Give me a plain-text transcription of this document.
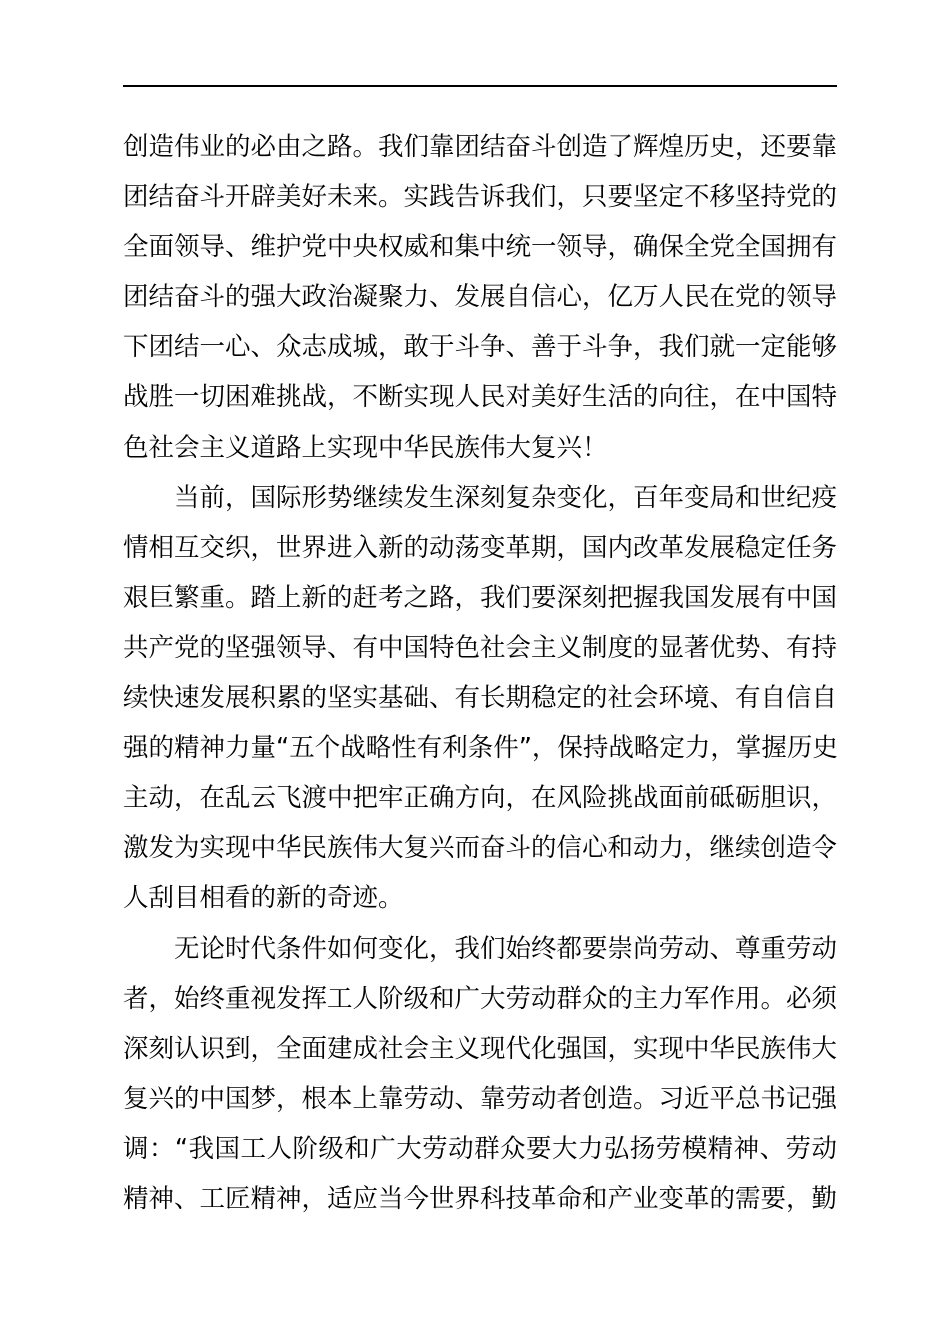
创造伟业的必由之路。我们靠团结奋斗创造了辉煌历史，还要靠
团结奋斗开辟美好未来。实践告诉我们，只要坚定不移坚持党的
全面领导、维护党中央权威和集中统一领导，确保全党全国拥有
团结奋斗的强大政治凝聚力、发展自信心，亿万人民在党的领导
下团结一心、众志成城，敢于斗争、善于斗争，我们就一定能够
战胜一切困难挑战，不断实现人民对美好生活的向往，在中国特
色社会主义道路上实现中华民族伟大复兴！
当前，国际形势继续发生深刻复杂变化，百年变局和世纪疫
情相互交织，世界进入新的动荡变革期，国内改革发展稳定任务
艰巨繁重。踏上新的赶考之路，我们要深刻把握我国发展有中国
共产党的坚强领导、有中国特色社会主义制度的显著优势、有持
续快速发展积累的坚实基础、有长期稳定的社会环境、有自信自
强的精神力量“五个战略性有利条件”，保持战略定力，掌握历史
主动，在乱云飞渡中把牢正确方向，在风险挑战面前砥砺胆识，
激发为实现中华民族伟大复兴而奋斗的信心和动力，继续创造令
人刮目相看的新的奇迹。
无论时代条件如何变化，我们始终都要崇尚劳动、尊重劳动
者，始终重视发挥工人阶级和广大劳动群众的主力军作用。必须
深刻认识到，全面建成社会主义现代化强国，实现中华民族伟大
复兴的中国梦，根本上靠劳动、靠劳动者创造。习近平总书记强
调：“我国工人阶级和广大劳动群众要大力弘扬劳模精神、劳动
精神、工匠精神，适应当今世界科技革命和产业变革的需要，勤
